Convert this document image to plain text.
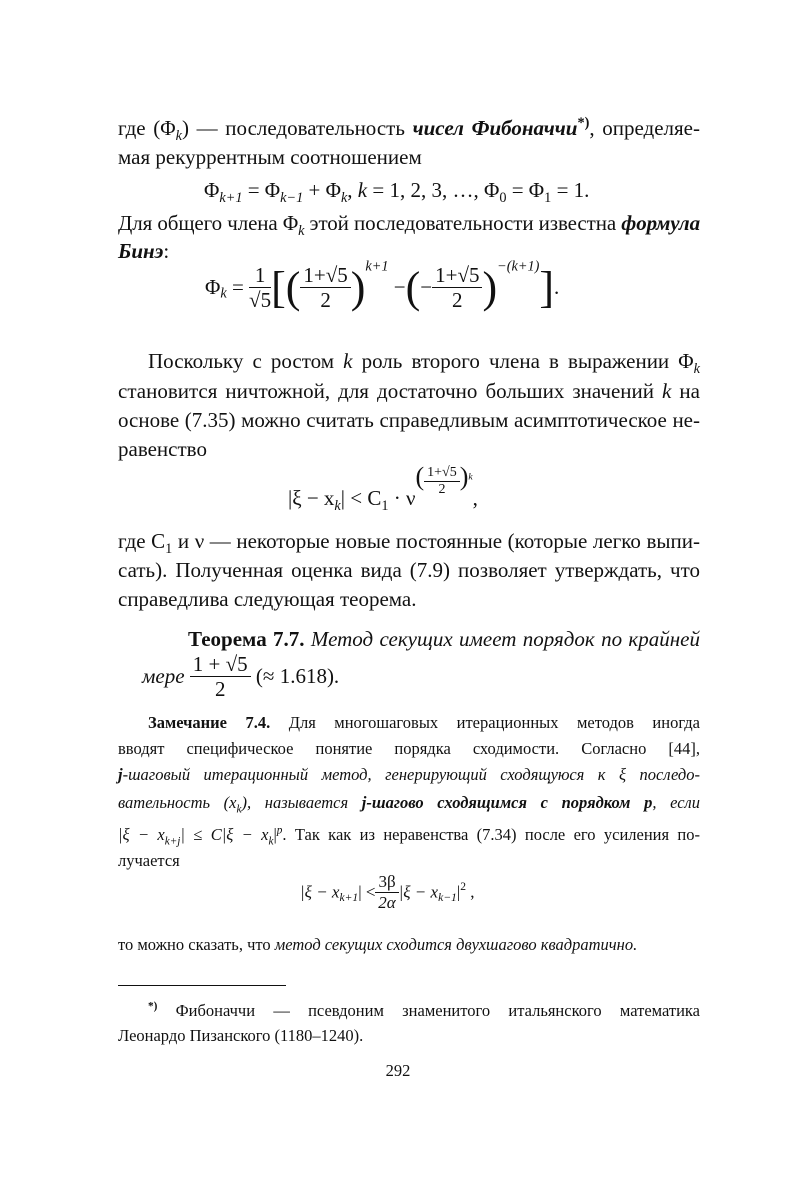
где $(\Phi_k)$ — последовательность чисел Фибоначчи*), определяе-
мая рекуррентным соотношением
$\Phi_{k+1} = \Phi_{k-1} + \Phi_k$, k = 1, 2, 3, …, $\Phi_0 = \Phi_1 = 1$.
Для общего члена $\Phi_k$ этой последовательности известна формула
Бинэ:
$\Phi_k = \frac{1}{√5}$ [( $\frac{1+√5}{2} )^{k+1}$ −(− $\frac{1+√5}{2} )^{-(k+1)}$].
Поскольку с ростом k роль второго члена в выражении $\Phi_k$
становится ничтожной, для достаточно больших значений k на
основе (7.35) можно считать справедливым асимптотическое не-
равенство
$|\xi - x_k| < C_1 \cdot \nu( \frac{1+√5}{2} )^k$,
где $C_1$ и ν — некоторые новые постоянные (которые легко выпи-
сать). Полученная оценка вида (7.9) позволяет утверждать, что
справедлива следующая теорема.
Теорема 7.7. Метод секущих имеет порядок по крайней
мере $\frac{1 + √5}{2}$ (≈ 1.618).
Замечание 7.4. Для многошаговых итерационных методов иногда
вводят специфическое понятие порядка сходимости. Согласно [44],
j-шаговый итерационный метод, генерирующий сходящуюся к ξ последо-
вательность $(x_k)$, называется j-шагово сходящимся с порядком p, если
$|\xi - x_{k+j}| \le C|\xi - x_k|^p$. Так как из неравенства (7.34) после его усиления по-
лучается
$|\xi - x_{k+1}| < \frac{3\beta}{2\alpha} |\xi - x_{k-1}|^2$ ,
то можно сказать, что метод секущих сходится двухшагово квадратично.
*) Фибоначчи — псевдоним знаменитого итальянского математика
Леонардо Пизанского (1180–1240).
292
